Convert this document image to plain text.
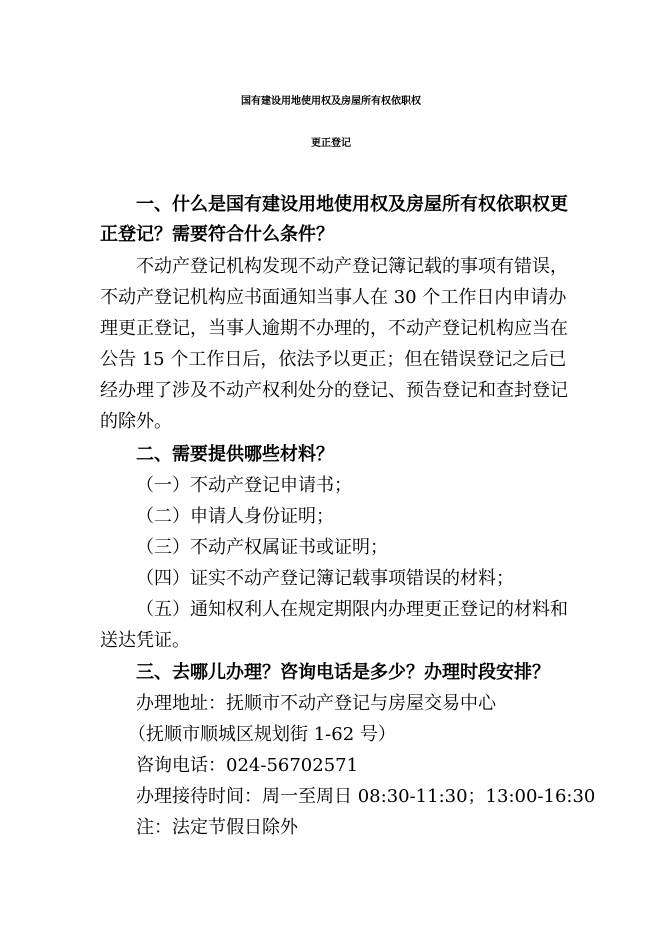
国有建设用地使用权及房屋所有权依职权
更正登记
一、什么是国有建设用地使用权及房屋所有权依职权更
正登记？需要符合什么条件？
不动产登记机构发现不动产登记簿记载的事项有错误，
不动产登记机构应书面通知当事人在 30 个工作日内申请办
理更正登记，当事人逾期不办理的，不动产登记机构应当在
公告 15 个工作日后，依法予以更正；但在错误登记之后已
经办理了涉及不动产权利处分的登记、预告登记和查封登记
的除外。
二、需要提供哪些材料？
（一）不动产登记申请书；
（二）申请人身份证明；
（三）不动产权属证书或证明；
（四）证实不动产登记簿记载事项错误的材料；
（五）通知权利人在规定期限内办理更正登记的材料和
送达凭证。
三、去哪儿办理？咨询电话是多少？办理时段安排？
办理地址：抚顺市不动产登记与房屋交易中心
（抚顺市顺城区规划街 1-62 号）
咨询电话：024-56702571
办理接待时间：周一至周日 08:30-11:30；13:00-16:30
注：法定节假日除外
